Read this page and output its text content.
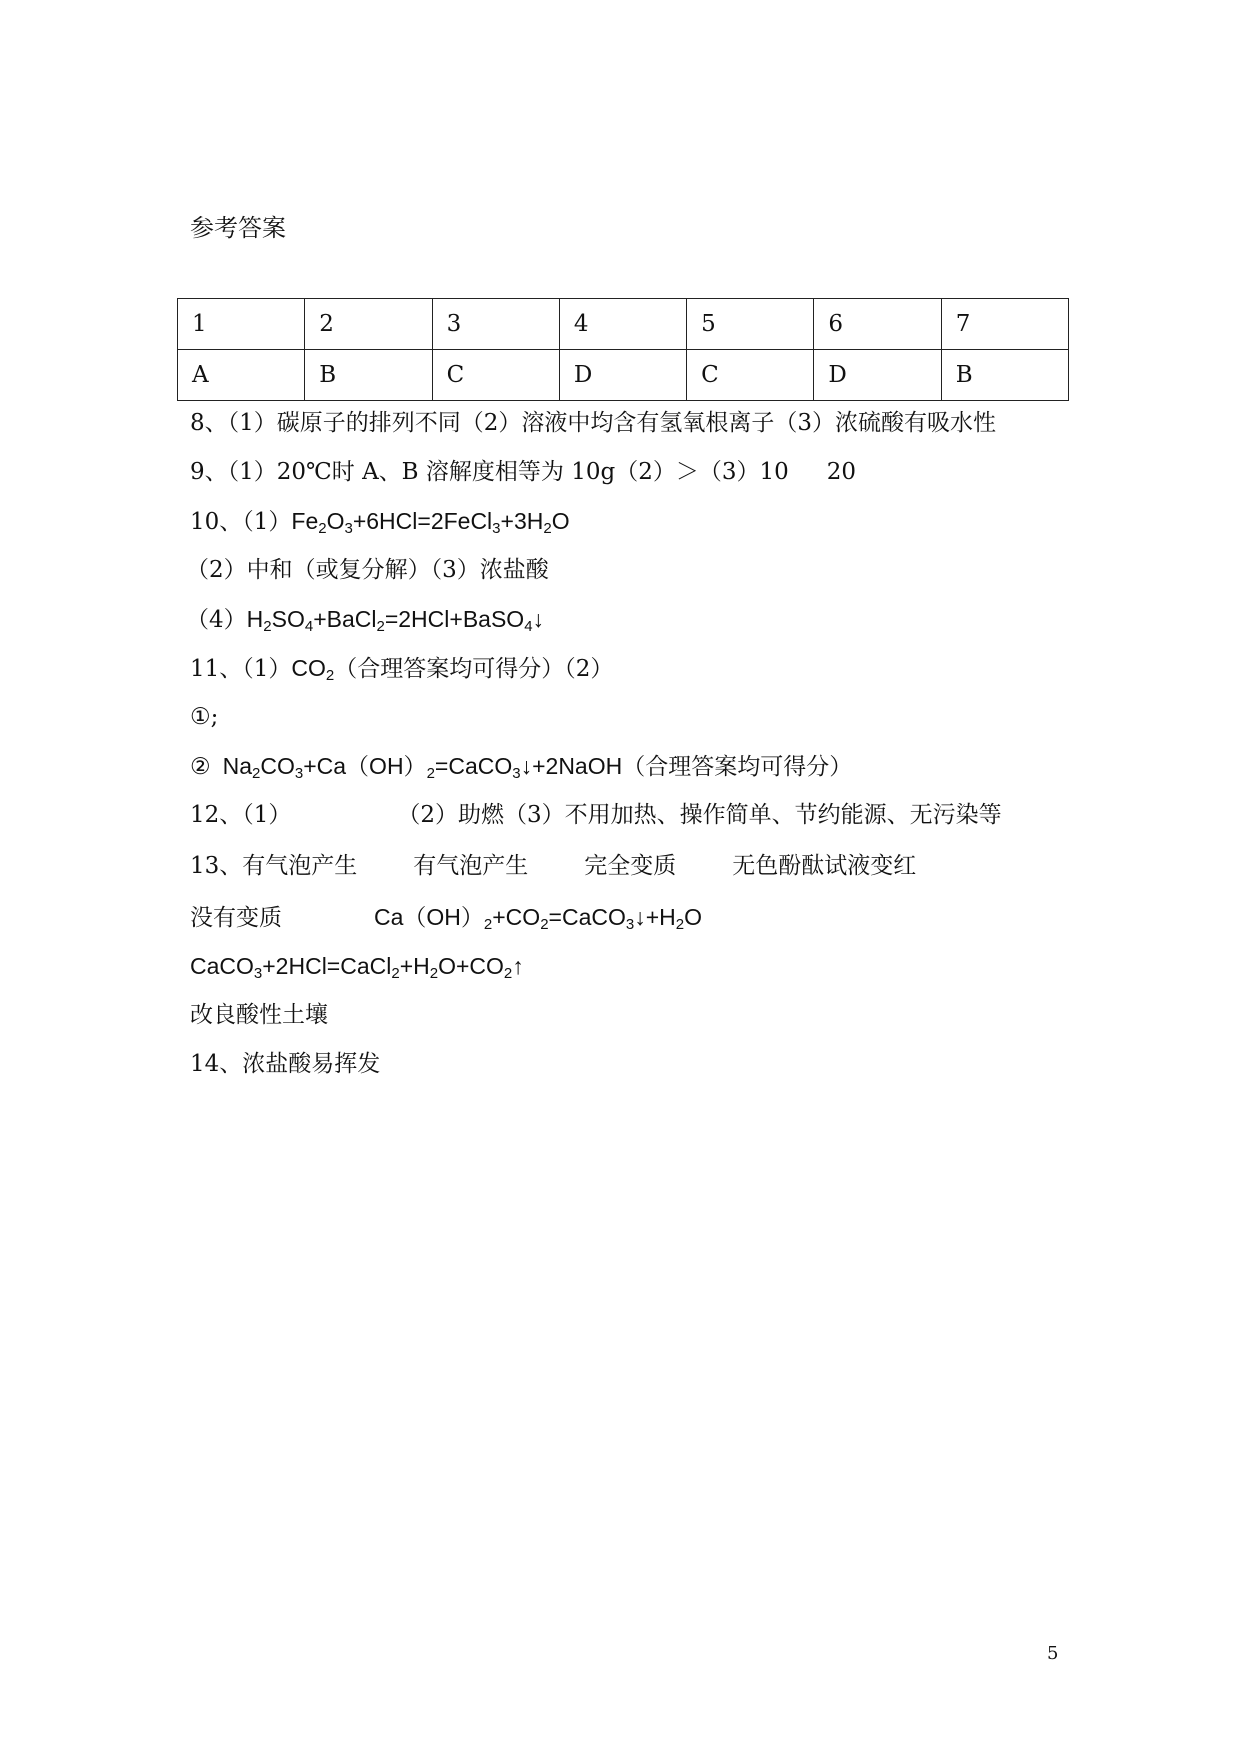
参考答案
1	2	3	4	5	6	7
A	B	C	D	C	D	B
8、（1）碳原子的排列不同（2）溶液中均含有氢氧根离子（3）浓硫酸有吸水性
9、（1）20℃时 A、B 溶解度相等为 10g（2）＞（3）10 20
10、$(1)Fe_2O_3+6HCl=2FeCl_3+3H_2O$
（2）中和（或复分解）（3）浓盐酸
$(4)H_2SO_4+BaCl_2=2HCl+BaSO_4↓$
11、$(1)CO_2$（合理答案均可得分）（2）
①;
② $Na_2CO_3+Ca(OH)_2=CaCO_3↓+2NaOH$（合理答案均可得分）
12、（1）	（2）助燃（3）不用加热、操作简单、节约能源、无污染等
13、有气泡产生 有气泡产生 完全变质 无色酚酞试液变红
没有变质	$Ca(OH)_2+CO_2=CaCO_3↓+H_2O$
$CaCO_3+2HCl=CaCl_2+H_2O+CO_2↑$
改良酸性土壤
14、浓盐酸易挥发
5
